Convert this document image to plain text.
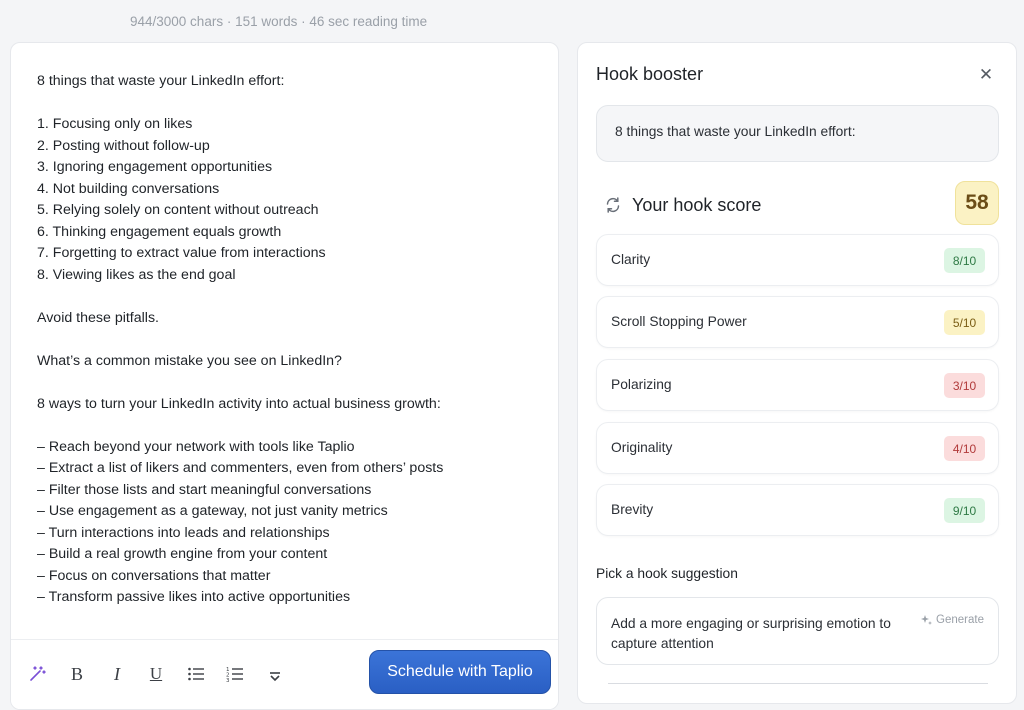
944/3000 chars · 151 words · 46 sec reading time
8 things that waste your LinkedIn effort:
1. Focusing only on likes
2. Posting without follow-up
3. Ignoring engagement opportunities
4. Not building conversations
5. Relying solely on content without outreach
6. Thinking engagement equals growth
7. Forgetting to extract value from interactions
8. Viewing likes as the end goal
Avoid these pitfalls.
What’s a common mistake you see on LinkedIn?
8 ways to turn your LinkedIn activity into actual business growth:
– Reach beyond your network with tools like Taplio
– Extract a list of likers and commenters, even from others’ posts
– Filter those lists and start meaningful conversations
– Use engagement as a gateway, not just vanity metrics
– Turn interactions into leads and relationships
– Build a real growth engine from your content
– Focus on conversations that matter
– Transform passive likes into active opportunities
B	I	U	1
2
3
Schedule with Taplio
Hook booster	✕
8 things that waste your LinkedIn effort:
Your hook score	58
Clarity	8/10
Scroll Stopping Power	5/10
Polarizing	3/10
Originality	4/10
Brevity	9/10
Pick a hook suggestion
Add a more engaging or surprising emotion to capture attention
Generate
